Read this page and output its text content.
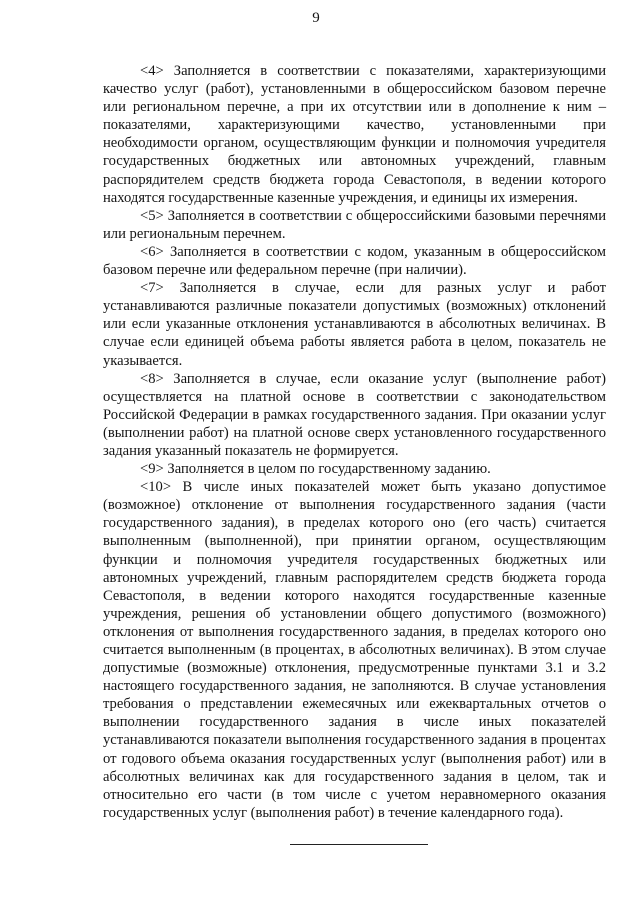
9

<4> Заполняется в соответствии с показателями, характеризующими качество услуг (работ), установленными в общероссийском базовом перечне или региональном перечне, а при их отсутствии или в дополнение к ним – показателями, характеризующими качество, установленными при необходимости органом, осуществляющим функции и полномочия учредителя государственных бюджетных или автономных учреждений, главным распорядителем средств бюджета города Севастополя, в ведении которого находятся государственные казенные учреждения, и единицы их измерения.

<5> Заполняется в соответствии с общероссийскими базовыми перечнями или региональным перечнем.

<6> Заполняется в соответствии с кодом, указанным в общероссийском базовом перечне или федеральном перечне (при наличии).

<7> Заполняется в случае, если для разных услуг и работ устанавливаются различные показатели допустимых (возможных) отклонений или если указанные отклонения устанавливаются в абсолютных величинах. В случае если единицей объема работы является работа в целом, показатель не указывается.

<8> Заполняется в случае, если оказание услуг (выполнение работ) осуществляется на платной основе в соответствии с законодательством Российской Федерации в рамках государственного задания. При оказании услуг (выполнении работ) на платной основе сверх установленного государственного задания указанный показатель не формируется.

<9> Заполняется в целом по государственному заданию.

<10> В числе иных показателей может быть указано допустимое (возможное) отклонение от выполнения государственного задания (части государственного задания), в пределах которого оно (его часть) считается выполненным (выполненной), при принятии органом, осуществляющим функции и полномочия учредителя государственных бюджетных или автономных учреждений, главным распорядителем средств бюджета города Севастополя, в ведении которого находятся государственные казенные учреждения, решения об установлении общего допустимого (возможного) отклонения от выполнения государственного задания, в пределах которого оно считается выполненным (в процентах, в абсолютных величинах). В этом случае допустимые (возможные) отклонения, предусмотренные пунктами 3.1 и 3.2 настоящего государственного задания, не заполняются. В случае установления требования о представлении ежемесячных или ежеквартальных отчетов о выполнении государственного задания в числе иных показателей устанавливаются показатели выполнения государственного задания в процентах от годового объема оказания государственных услуг (выполнения работ) или в абсолютных величинах как для государственного задания в целом, так и относительно его части (в том числе с учетом неравномерного оказания государственных услуг (выполнения работ) в течение календарного года).
